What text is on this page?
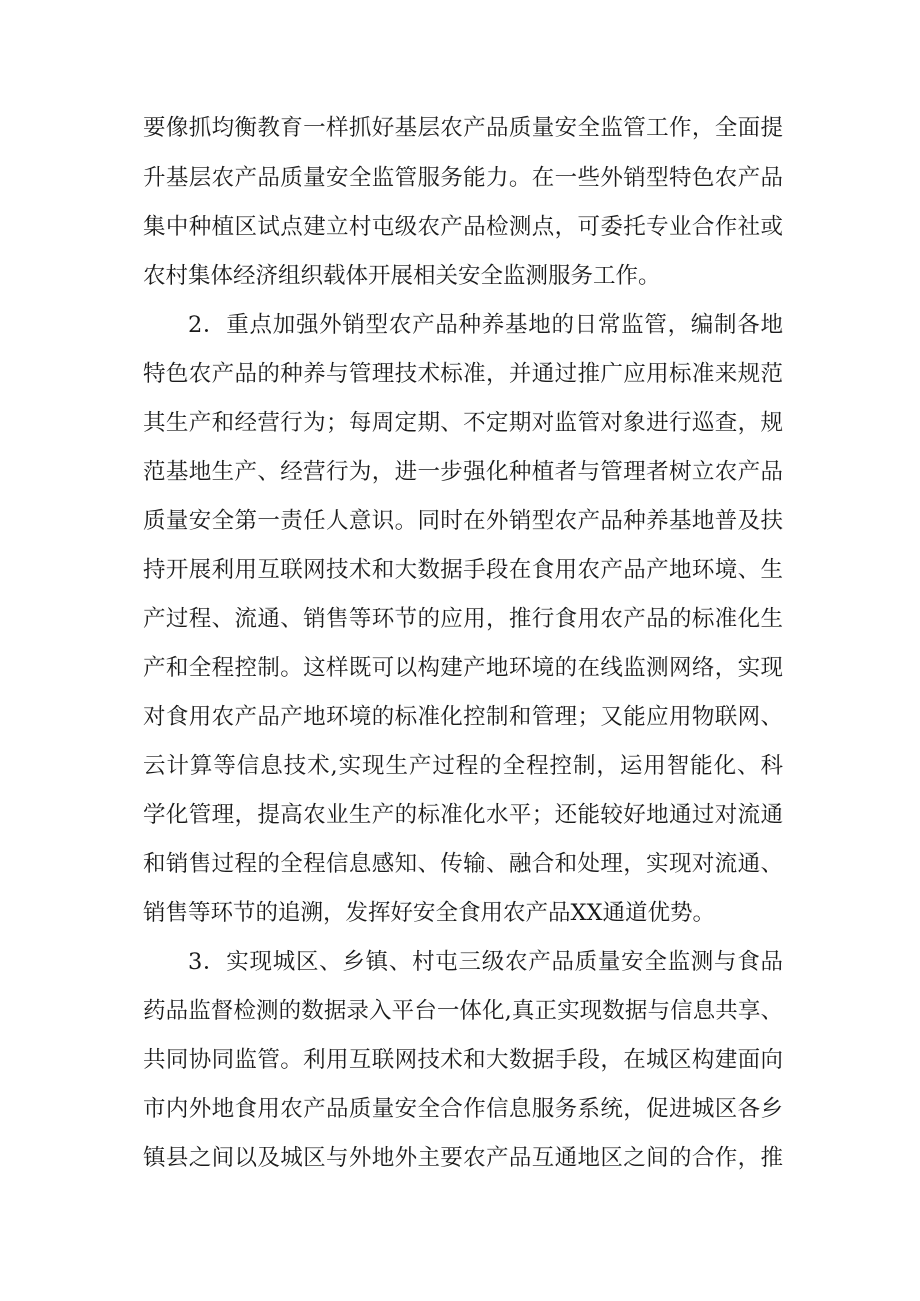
要像抓均衡教育一样抓好基层农产品质量安全监管工作，全面提
升基层农产品质量安全监管服务能力。在一些外销型特色农产品
集中种植区试点建立村屯级农产品检测点，可委托专业合作社或
农村集体经济组织载体开展相关安全监测服务工作。
2．重点加强外销型农产品种养基地的日常监管，编制各地
特色农产品的种养与管理技术标准，并通过推广应用标准来规范
其生产和经营行为；每周定期、不定期对监管对象进行巡查，规
范基地生产、经营行为，进一步强化种植者与管理者树立农产品
质量安全第一责任人意识。同时在外销型农产品种养基地普及扶
持开展利用互联网技术和大数据手段在食用农产品产地环境、生
产过程、流通、销售等环节的应用，推行食用农产品的标准化生
产和全程控制。这样既可以构建产地环境的在线监测网络，实现
对食用农产品产地环境的标准化控制和管理；又能应用物联网、
云计算等信息技术,实现生产过程的全程控制，运用智能化、科
学化管理，提高农业生产的标准化水平；还能较好地通过对流通
和销售过程的全程信息感知、传输、融合和处理，实现对流通、
销售等环节的追溯，发挥好安全食用农产品XX通道优势。
3．实现城区、乡镇、村屯三级农产品质量安全监测与食品
药品监督检测的数据录入平台一体化,真正实现数据与信息共享、
共同协同监管。利用互联网技术和大数据手段，在城区构建面向
市内外地食用农产品质量安全合作信息服务系统，促进城区各乡
镇县之间以及城区与外地外主要农产品互通地区之间的合作，推
